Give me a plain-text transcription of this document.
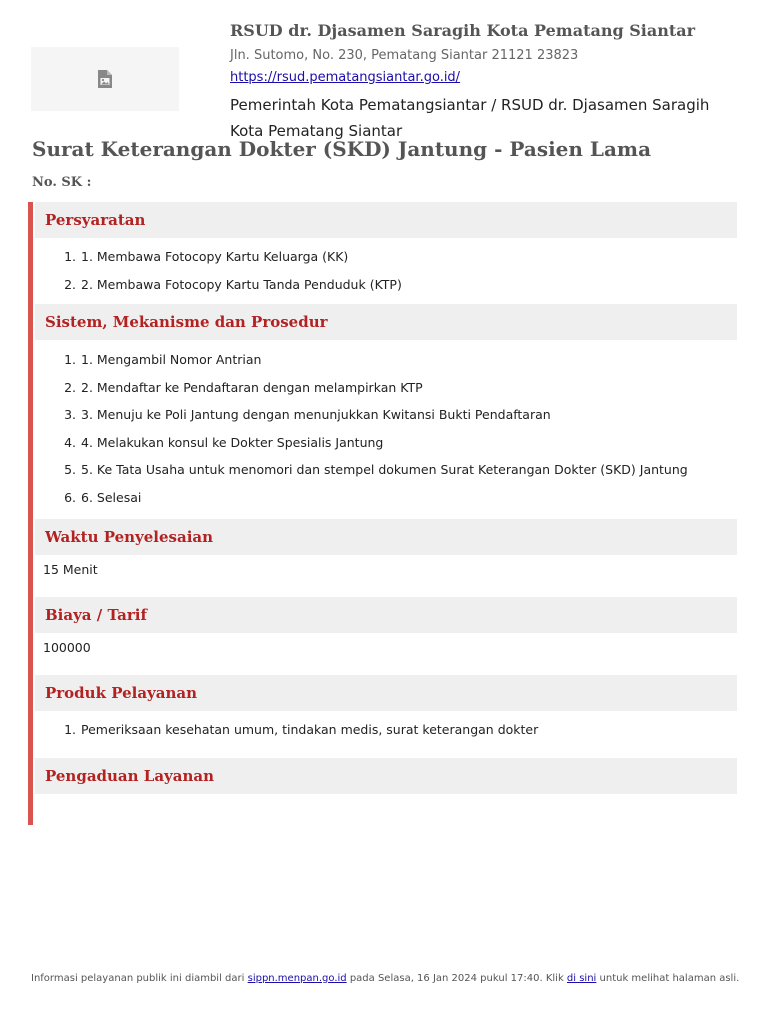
RSUD dr. Djasamen Saragih Kota Pematang Siantar
Jln. Sutomo, No. 230, Pematang Siantar 21121 23823
https://rsud.pematangsiantar.go.id/
Pemerintah Kota Pematangsiantar / RSUD dr. Djasamen Saragih Kota Pematang Siantar
Surat Keterangan Dokter (SKD) Jantung - Pasien Lama
No. SK :
Persyaratan
1. 1. Membawa Fotocopy Kartu Keluarga (KK)
2. 2. Membawa Fotocopy Kartu Tanda Penduduk (KTP)
Sistem, Mekanisme dan Prosedur
1. 1. Mengambil Nomor Antrian
2. 2. Mendaftar ke Pendaftaran dengan melampirkan KTP
3. 3. Menuju ke Poli Jantung dengan menunjukkan Kwitansi Bukti Pendaftaran
4. 4. Melakukan konsul ke Dokter Spesialis Jantung
5. 5. Ke Tata Usaha untuk menomori dan stempel dokumen Surat Keterangan Dokter (SKD) Jantung
6. 6. Selesai
Waktu Penyelesaian
15 Menit
Biaya / Tarif
100000
Produk Pelayanan
1. Pemeriksaan kesehatan umum, tindakan medis, surat keterangan dokter
Pengaduan Layanan
Informasi pelayanan publik ini diambil dari sippn.menpan.go.id pada Selasa, 16 Jan 2024 pukul 17:40. Klik di sini untuk melihat halaman asli.
